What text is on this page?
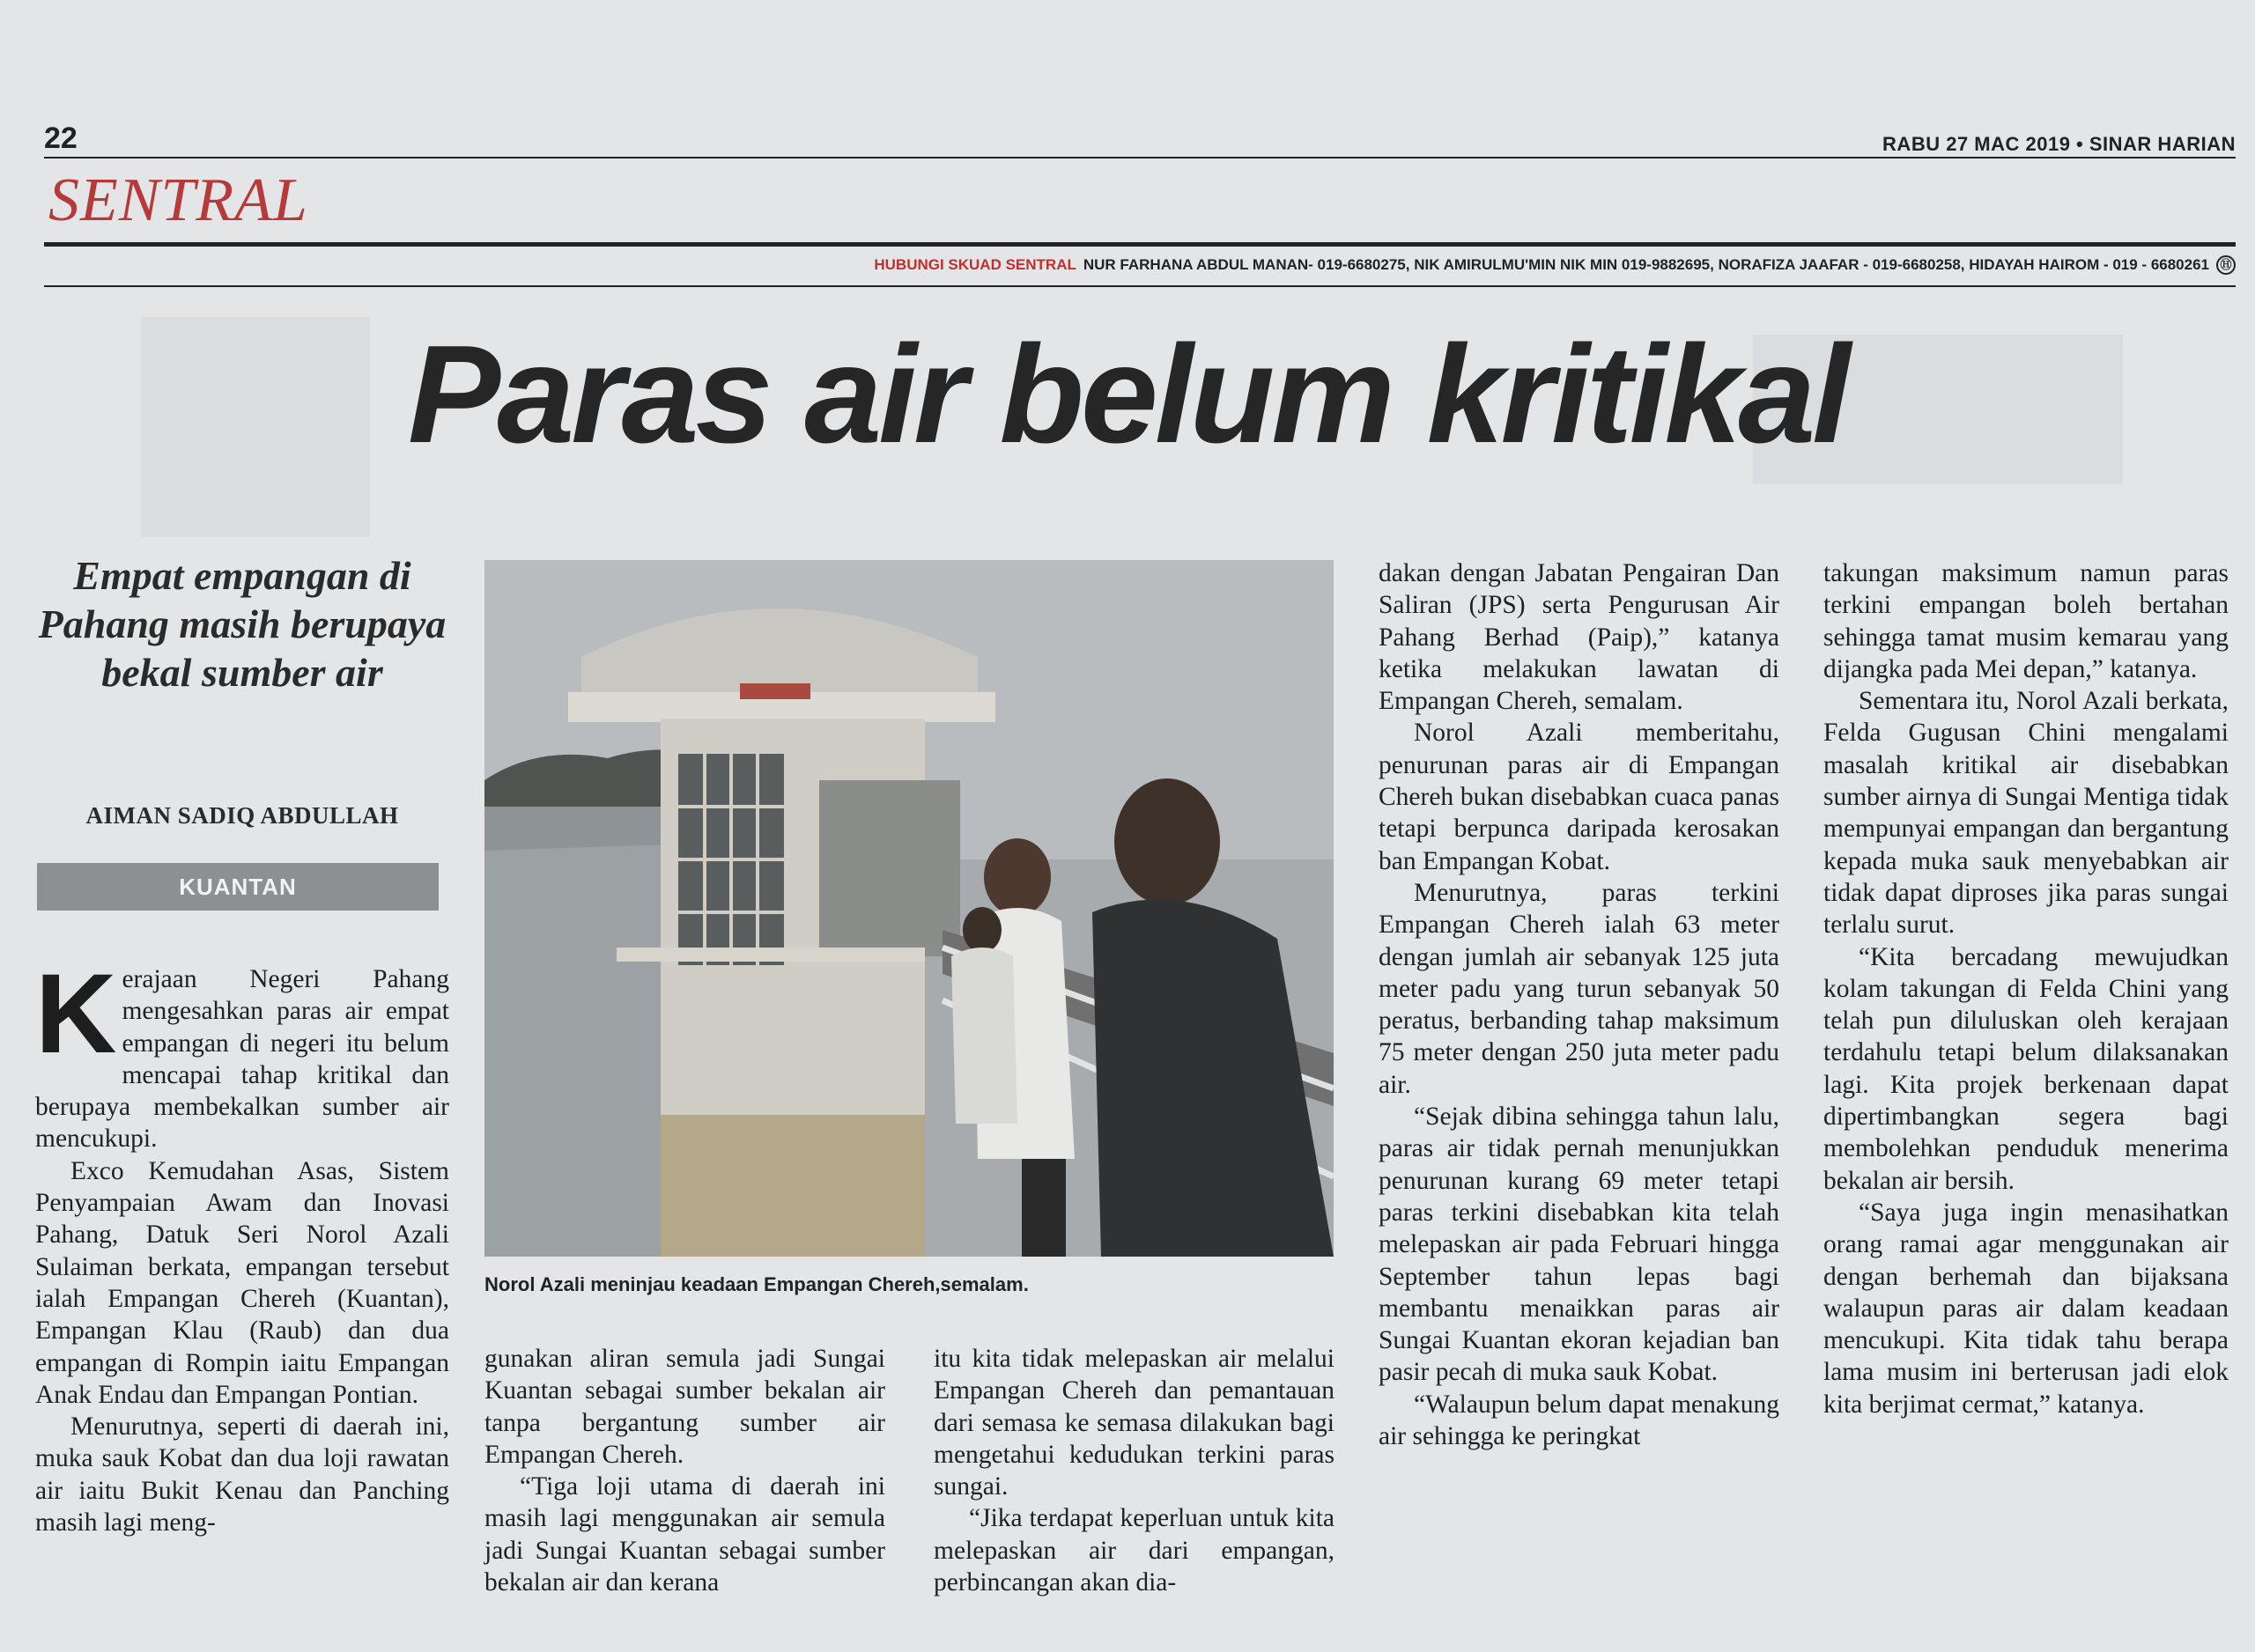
22	RABU 27 MAC 2019 • SINAR HARIAN
SENTRAL
HUBUNGI SKUAD SENTRAL NUR FARHANA ABDUL MANAN- 019-6680275, NIK AMIRULMU'MIN NIK MIN 019-9882695, NORAFIZA JAAFAR - 019-6680258, HIDAYAH HAIROM - 019 - 6680261 Ⓗ
Paras air belum kritikal
Empat empangan di Pahang masih berupaya bekal sumber air
AIMAN SADIQ ABDULLAH
KUANTAN
Norol Azali meninjau keadaan Empangan Chereh,semalam.

Kerajaan Negeri Pahang mengesahkan paras air empat empangan di negeri itu belum mencapai tahap kritikal dan berupaya membekalkan sumber air mencukupi.

Exco Kemudahan Asas, Sistem Penyampaian Awam dan Inovasi Pahang, Datuk Seri Norol Azali Sulaiman berkata, empangan tersebut ialah Empangan Chereh (Kuantan), Empangan Klau (Raub) dan dua empangan di Rompin iaitu Empangan Anak Endau dan Empangan Pontian.

Menurutnya, seperti di daerah ini, muka sauk Kobat dan dua loji rawatan air iaitu Bukit Kenau dan Panching masih lagi meng-

gunakan aliran semula jadi Sungai Kuantan sebagai sumber bekalan air tanpa bergantung sumber air Empangan Chereh.

“Tiga loji utama di daerah ini masih lagi menggunakan air semula jadi Sungai Kuantan sebagai sumber bekalan air dan kerana

itu kita tidak melepaskan air melalui Empangan Chereh dan pemantauan dari semasa ke semasa dilakukan bagi mengetahui kedudukan terkini paras sungai.

“Jika terdapat keperluan untuk kita melepaskan air dari empangan, perbincangan akan dia-

dakan dengan Jabatan Pengairan Dan Saliran (JPS) serta Pengurusan Air Pahang Berhad (Paip),” katanya ketika melakukan lawatan di Empangan Chereh, semalam.

Norol Azali memberitahu, penurunan paras air di Empangan Chereh bukan disebabkan cuaca panas tetapi berpunca daripada kerosakan ban Empangan Kobat.

Menurutnya, paras terkini Empangan Chereh ialah 63 meter dengan jumlah air sebanyak 125 juta meter padu yang turun sebanyak 50 peratus, berbanding tahap maksimum 75 meter dengan 250 juta meter padu air.

“Sejak dibina sehingga tahun lalu, paras air tidak pernah menunjukkan penurunan kurang 69 meter tetapi paras terkini disebabkan kita telah melepaskan air pada Februari hingga September tahun lepas bagi membantu menaikkan paras air Sungai Kuantan ekoran kejadian ban pasir pecah di muka sauk Kobat.

“Walaupun belum dapat menakung air sehingga ke peringkat

takungan maksimum namun paras terkini empangan boleh bertahan sehingga tamat musim kemarau yang dijangka pada Mei depan,” katanya.

Sementara itu, Norol Azali berkata, Felda Gugusan Chini mengalami masalah kritikal air disebabkan sumber airnya di Sungai Mentiga tidak mempunyai empangan dan bergantung kepada muka sauk menyebabkan air tidak dapat diproses jika paras sungai terlalu surut.

“Kita bercadang mewujudkan kolam takungan di Felda Chini yang telah pun diluluskan oleh kerajaan terdahulu tetapi belum dilaksanakan lagi. Kita projek berkenaan dapat dipertimbangkan segera bagi membolehkan penduduk menerima bekalan air bersih.

“Saya juga ingin menasihatkan orang ramai agar menggunakan air dengan berhemah dan bijaksana walaupun paras air dalam keadaan mencukupi. Kita tidak tahu berapa lama musim ini berterusan jadi elok kita berjimat cermat,” katanya.
